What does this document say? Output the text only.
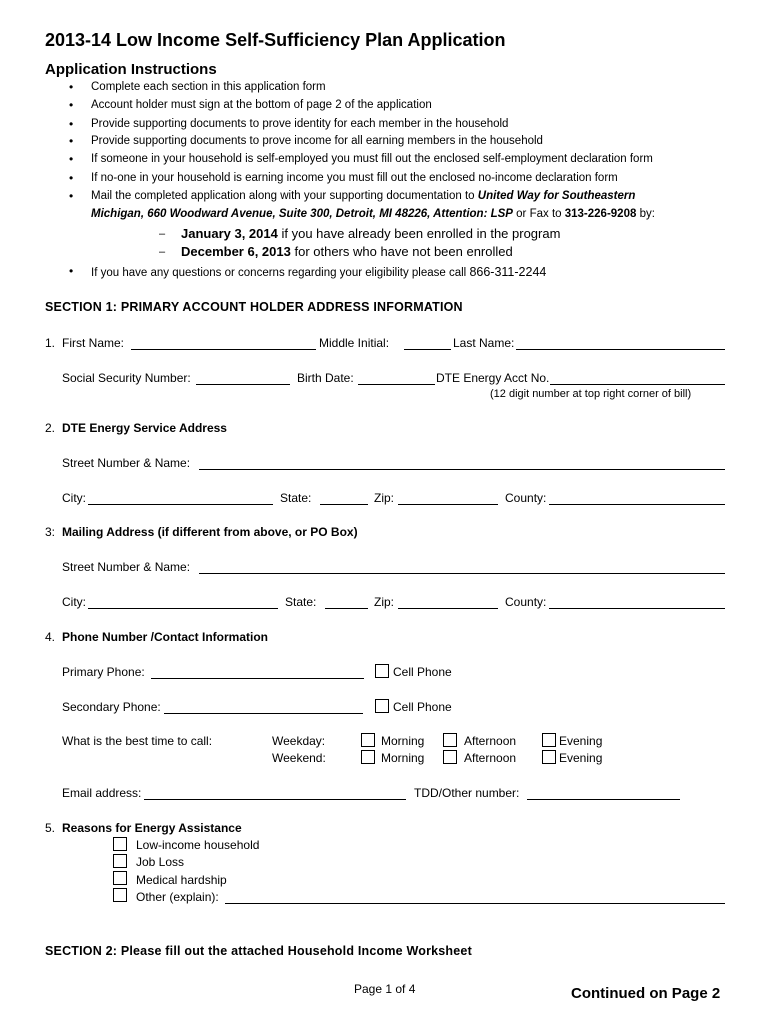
2013-14 Low Income Self-Sufficiency Plan Application
Application Instructions
• Complete each section in this application form
• Account holder must sign at the bottom of page 2 of the application
• Provide supporting documents to prove identity for each member in the household
• Provide supporting documents to prove income for all earning members in the household
• If someone in your household is self-employed you must fill out the enclosed self-employment declaration form
• If no-one in your household is earning income you must fill out the enclosed no-income declaration form
• Mail the completed application along with your supporting documentation to United Way for Southeastern
Michigan, 660 Woodward Avenue, Suite 300, Detroit, MI 48226, Attention: LSP or Fax to 313-226-9208 by:
– January 3, 2014 if you have already been enrolled in the program
– December 6, 2013 for others who have not been enrolled
• If you have any questions or concerns regarding your eligibility please call 866-311-2244
SECTION 1: PRIMARY ACCOUNT HOLDER ADDRESS INFORMATION
1. First Name:	Middle Initial:	Last Name:
Social Security Number:	Birth Date:	DTE Energy Acct No.
(12 digit number at top right corner of bill)
2. DTE Energy Service Address
Street Number & Name:
City:	State:	Zip:	County:
3: Mailing Address (if different from above, or PO Box)
Street Number & Name:
City:	State:	Zip:	County:
4. Phone Number /Contact Information
Primary Phone:	Cell Phone
Secondary Phone:	Cell Phone
What is the best time to call:	Weekday:	Morning	Afternoon	Evening
Weekend:	Morning	Afternoon	Evening
Email address:	TDD/Other number:
5. Reasons for Energy Assistance
Low-income household
Job Loss
Medical hardship
Other (explain):
SECTION 2: Please fill out the attached Household Income Worksheet
Page 1 of 4	Continued on Page 2
